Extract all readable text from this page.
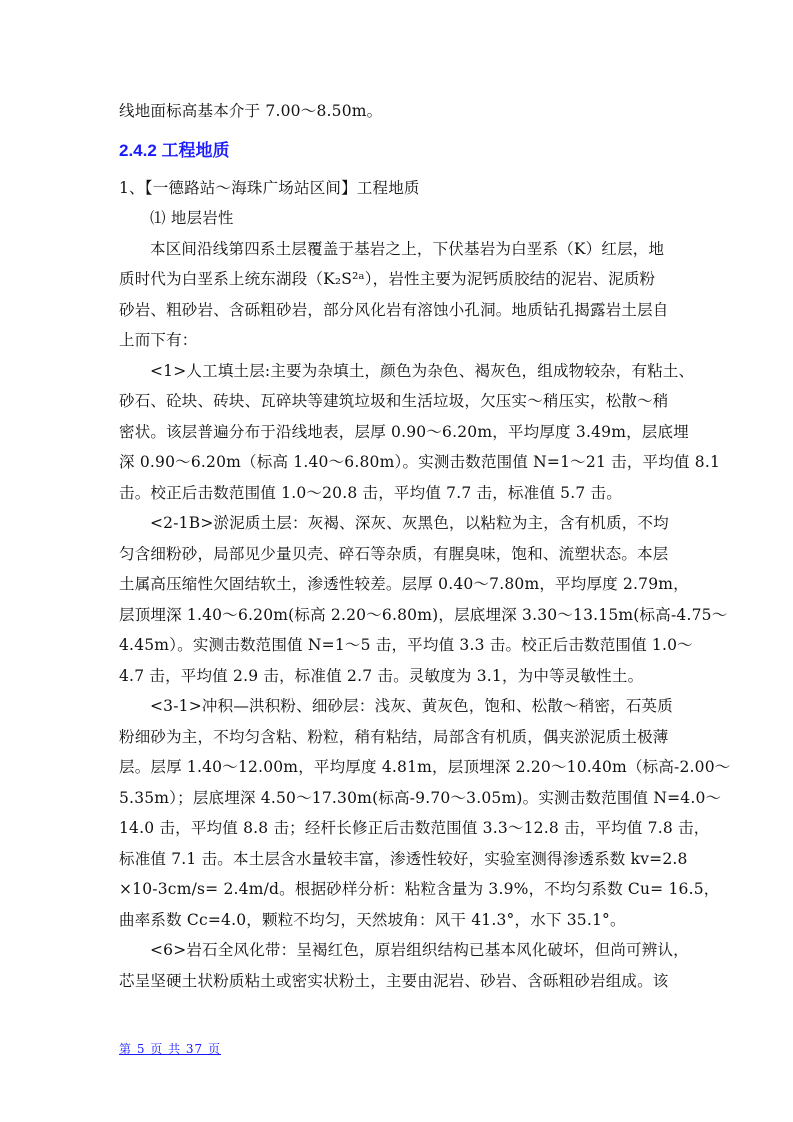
线地面标高基本介于 7.00～8.50m。
2.4.2 工程地质
1、【一德路站～海珠广场站区间】工程地质
⑴ 地层岩性
本区间沿线第四系土层覆盖于基岩之上，下伏基岩为白垩系（K）红层，地
质时代为白垩系上统东湖段（K₂S²ᵃ），岩性主要为泥钙质胶结的泥岩、泥质粉
砂岩、粗砂岩、含砾粗砂岩，部分风化岩有溶蚀小孔洞。地质钻孔揭露岩土层自
上而下有：
<1>人工填土层:主要为杂填土，颜色为杂色、褐灰色，组成物较杂，有粘土、
砂石、砼块、砖块、瓦碎块等建筑垃圾和生活垃圾，欠压实～稍压实，松散～稍
密状。该层普遍分布于沿线地表，层厚 0.90～6.20m，平均厚度 3.49m，层底埋
深 0.90～6.20m（标高 1.40～6.80m）。实测击数范围值 N=1～21 击，平均值 8.1
击。校正后击数范围值 1.0～20.8 击，平均值 7.7 击，标准值 5.7 击。
<2-1B>淤泥质土层：灰褐、深灰、灰黑色，以粘粒为主，含有机质，不均
匀含细粉砂，局部见少量贝壳、碎石等杂质，有腥臭味，饱和、流塑状态。本层
土属高压缩性欠固结软土，渗透性较差。层厚 0.40～7.80m，平均厚度 2.79m，
层顶埋深 1.40～6.20m(标高 2.20～6.80m)，层底埋深 3.30～13.15m(标高-4.75～
4.45m）。实测击数范围值 N=1～5 击，平均值 3.3 击。校正后击数范围值 1.0～
4.7 击，平均值 2.9 击，标准值 2.7 击。灵敏度为 3.1，为中等灵敏性土。
<3-1>冲积—洪积粉、细砂层：浅灰、黄灰色，饱和、松散～稍密，石英质
粉细砂为主，不均匀含粘、粉粒，稍有粘结，局部含有机质，偶夹淤泥质土极薄
层。层厚 1.40～12.00m，平均厚度 4.81m，层顶埋深 2.20～10.40m（标高-2.00～
5.35m）；层底埋深 4.50～17.30m(标高-9.70～3.05m)。实测击数范围值 N=4.0～
14.0 击，平均值 8.8 击；经杆长修正后击数范围值 3.3～12.8 击，平均值 7.8 击，
标准值 7.1 击。本土层含水量较丰富，渗透性较好，实验室测得渗透系数 kv=2.8
×10-3cm/s= 2.4m/d。根据砂样分析：粘粒含量为 3.9%，不均匀系数 Cu= 16.5，
曲率系数 Cc=4.0，颗粒不均匀，天然坡角：风干 41.3°，水下 35.1°。
<6>岩石全风化带：呈褐红色，原岩组织结构已基本风化破坏，但尚可辨认，
芯呈坚硬土状粉质粘土或密实状粉土，主要由泥岩、砂岩、含砾粗砂岩组成。该
第 5 页 共 37 页
